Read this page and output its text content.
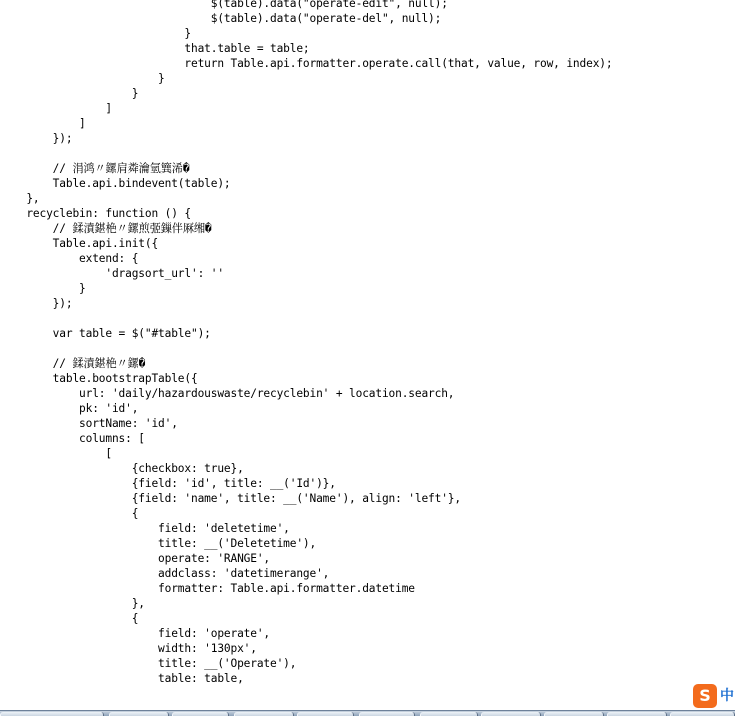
$(table).data("operate-edit", null);
$(table).data("operate-del", null);
}
that.table = table;
return Table.api.formatter.operate.call(that, value, row, index);
}
}
]
]
});
// 涓鸿〃鏍肩粦瀹氫簨浠�
Table.api.bindevent(table);
},
recyclebin: function () {
// 鍒濆鍖栬〃鏍煎弬鏁伴厤缃�
Table.api.init({
extend: {
'dragsort_url': ''
}
});
var table = $("#table");
// 鍒濆鍖栬〃鏍�
table.bootstrapTable({
url: 'daily/hazardouswaste/recyclebin' + location.search,
pk: 'id',
sortName: 'id',
columns: [
[
{checkbox: true},
{field: 'id', title: __('Id')},
{field: 'name', title: __('Name'), align: 'left'},
{
field: 'deletetime',
title: __('Deletetime'),
operate: 'RANGE',
addclass: 'datetimerange',
formatter: Table.api.formatter.datetime
},
{
field: 'operate',
width: '130px',
title: __('Operate'),
table: table,
S 中
